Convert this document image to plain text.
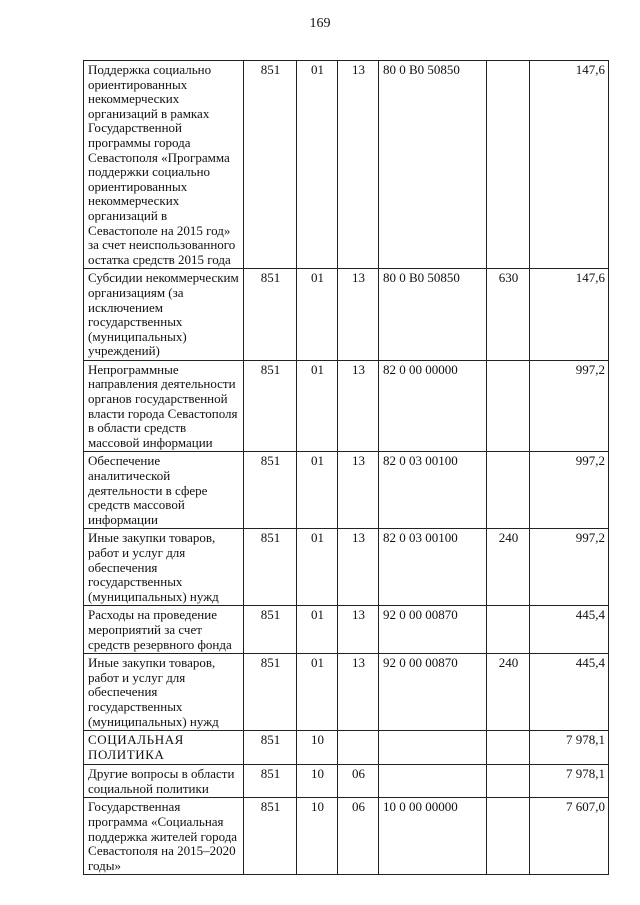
169
Поддержка социально ориентированных некоммерческих организаций в рамках Государственной программы города Севастополя «Программа поддержки социально ориентированных некоммерческих организаций в Севастополе на 2015 год» за счет неиспользованного остатка средств 2015 года	851	01	13	80 0 В0 50850		147,6
Субсидии некоммерческим организациям (за исключением государственных (муниципальных) учреждений)	851	01	13	80 0 В0 50850	630	147,6
Непрограммные направления деятельности органов государственной власти города Севастополя в области средств массовой информации	851	01	13	82 0 00 00000		997,2
Обеспечение аналитической деятельности в сфере средств массовой информации	851	01	13	82 0 03 00100		997,2
Иные закупки товаров, работ и услуг для обеспечения государственных (муниципальных) нужд	851	01	13	82 0 03 00100	240	997,2
Расходы на проведение мероприятий за счет средств резервного фонда	851	01	13	92 0 00 00870		445,4
Иные закупки товаров, работ и услуг для обеспечения государственных (муниципальных) нужд	851	01	13	92 0 00 00870	240	445,4
СОЦИАЛЬНАЯ ПОЛИТИКА	851	10				7 978,1
Другие вопросы в области социальной политики	851	10	06			7 978,1
Государственная программа «Социальная поддержка жителей города Севастополя на 2015–2020 годы»	851	10	06	10 0 00 00000		7 607,0
